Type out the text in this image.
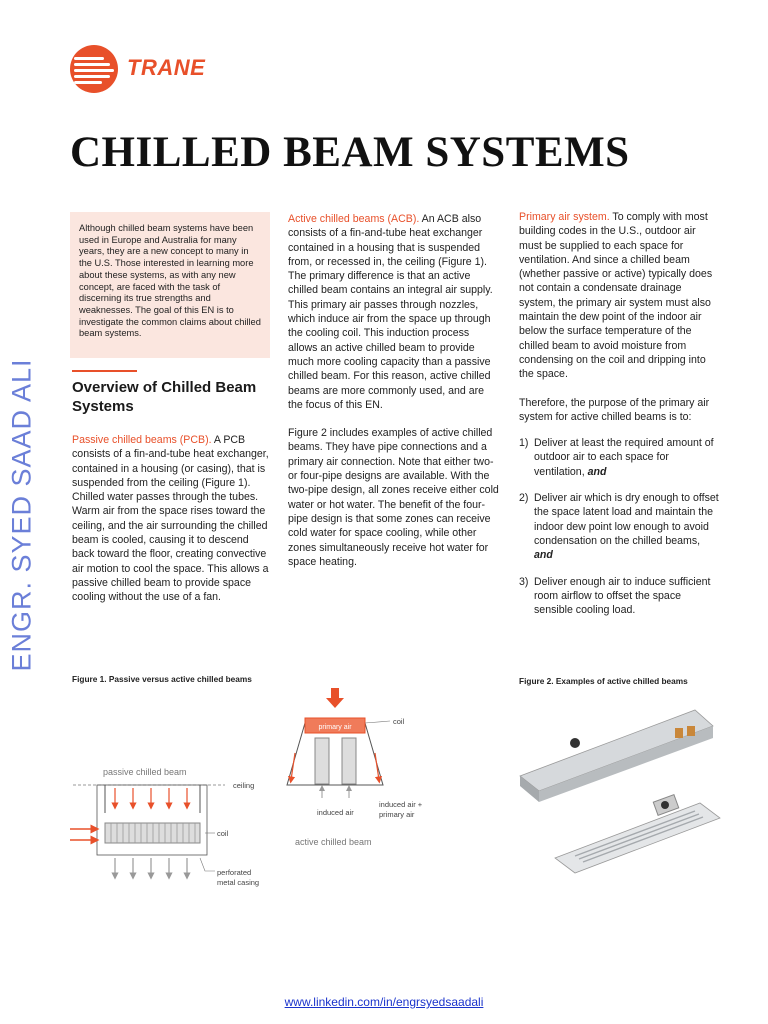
TRANE
CHILLED BEAM SYSTEMS
ENGR. SYED SAAD ALI
Although chilled beam systems have been used in Europe and Australia for many years, they are a new concept to many in the U.S. Those interested in learning more about these systems, as with any new concept, are faced with the task of discerning its true strengths and weaknesses. The goal of this EN is to investigate the common claims about chilled beam systems.
Overview of Chilled Beam Systems

Passive chilled beams (PCB). A PCB consists of a fin-and-tube heat exchanger, contained in a housing (or casing), that is suspended from the ceiling (Figure 1). Chilled water passes through the tubes. Warm air from the space rises toward the ceiling, and the air surrounding the chilled beam is cooled, causing it to descend back toward the floor, creating convective air motion to cool the space. This allows a passive chilled beam to provide space cooling without the use of a fan.

Active chilled beams (ACB). An ACB also consists of a fin-and-tube heat exchanger contained in a housing that is suspended from, or recessed in, the ceiling (Figure 1). The primary difference is that an active chilled beam contains an integral air supply. This primary air passes through nozzles, which induce air from the space up through the cooling coil. This induction process allows an active chilled beam to provide much more cooling capacity than a passive chilled beam. For this reason, active chilled beams are more commonly used, and are the focus of this EN.

Figure 2 includes examples of active chilled beams. They have pipe connections and a primary air connection. Note that either two- or four-pipe designs are available. With the two-pipe design, all zones receive either cold water or hot water. The benefit of the four-pipe design is that some zones can receive cold water for space cooling, while other zones simultaneously receive hot water for space heating.

Primary air system. To comply with most building codes in the U.S., outdoor air must be supplied to each space for ventilation. And since a chilled beam (whether passive or active) typically does not contain a condensate drainage system, the primary air system must also maintain the dew point of the indoor air below the surface temperature of the chilled beam to avoid moisture from condensing on the coil and dripping into the space.

Therefore, the purpose of the primary air system for active chilled beams is to:

1) Deliver at least the required amount of outdoor air to each space for ventilation, and
2) Deliver air which is dry enough to offset the space latent load and maintain the indoor dew point low enough to avoid condensation on the chilled beams, and
3) Deliver enough air to induce sufficient room airflow to offset the space sensible cooling load.
Figure 1. Passive versus active chilled beams	Figure 2. Examples of active chilled beams
ceiling
passive chilled beam
coil
perforated
metal casing
primary air
coil
induced air
induced air +
primary air
active chilled beam
www.linkedin.com/in/engrsyedsaadali
